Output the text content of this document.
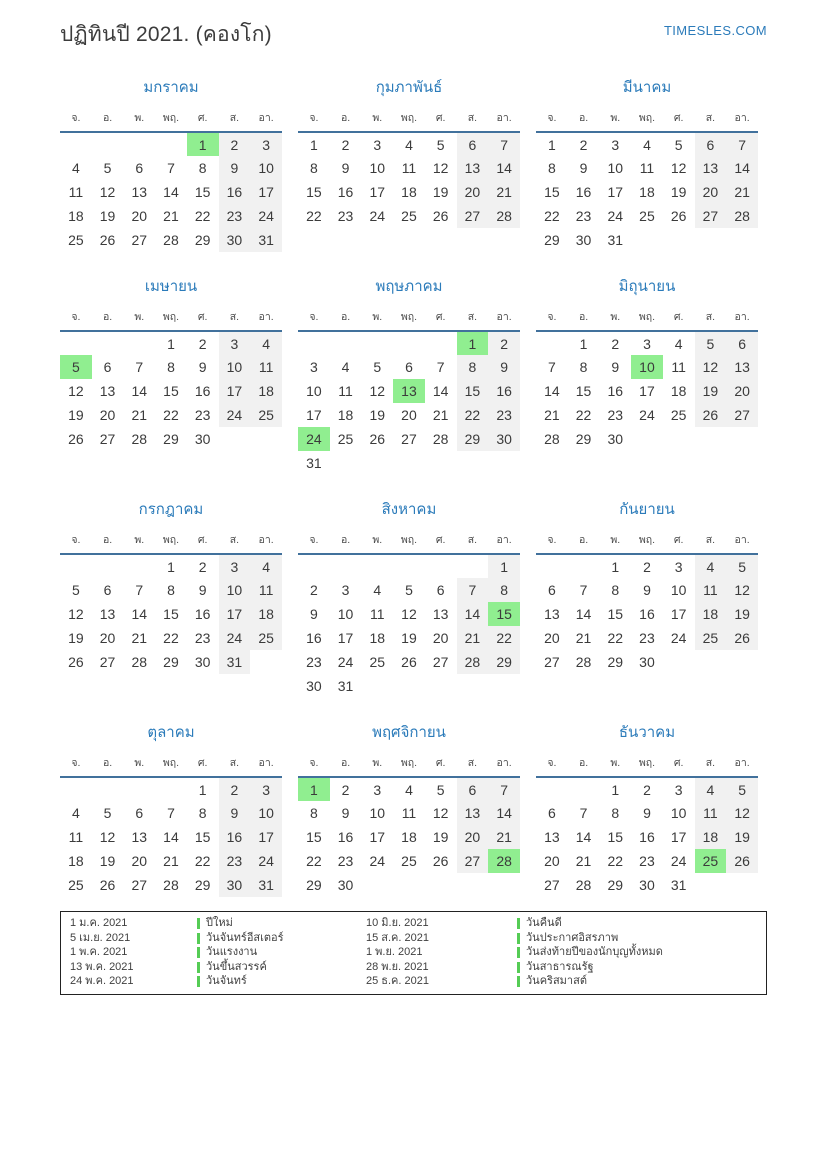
ปฏิทินปี 2021. (คองโก)	TIMESLES.COM
มกราคม
จ.	อ.	พ.	พฤ.	ศ.	ส.	อา.
				1	2	3
4	5	6	7	8	9	10
11	12	13	14	15	16	17
18	19	20	21	22	23	24
25	26	27	28	29	30	31
กุมภาพันธ์
จ.	อ.	พ.	พฤ.	ศ.	ส.	อา.
1	2	3	4	5	6	7
8	9	10	11	12	13	14
15	16	17	18	19	20	21
22	23	24	25	26	27	28
มีนาคม
จ.	อ.	พ.	พฤ.	ศ.	ส.	อา.
1	2	3	4	5	6	7
8	9	10	11	12	13	14
15	16	17	18	19	20	21
22	23	24	25	26	27	28
29	30	31				
เมษายน
จ.	อ.	พ.	พฤ.	ศ.	ส.	อา.
			1	2	3	4
5	6	7	8	9	10	11
12	13	14	15	16	17	18
19	20	21	22	23	24	25
26	27	28	29	30		
พฤษภาคม
จ.	อ.	พ.	พฤ.	ศ.	ส.	อา.
					1	2
3	4	5	6	7	8	9
10	11	12	13	14	15	16
17	18	19	20	21	22	23
24	25	26	27	28	29	30
31						
มิถุนายน
จ.	อ.	พ.	พฤ.	ศ.	ส.	อา.
	1	2	3	4	5	6
7	8	9	10	11	12	13
14	15	16	17	18	19	20
21	22	23	24	25	26	27
28	29	30				
กรกฎาคม
จ.	อ.	พ.	พฤ.	ศ.	ส.	อา.
			1	2	3	4
5	6	7	8	9	10	11
12	13	14	15	16	17	18
19	20	21	22	23	24	25
26	27	28	29	30	31	
สิงหาคม
จ.	อ.	พ.	พฤ.	ศ.	ส.	อา.
						1
2	3	4	5	6	7	8
9	10	11	12	13	14	15
16	17	18	19	20	21	22
23	24	25	26	27	28	29
30	31					
กันยายน
จ.	อ.	พ.	พฤ.	ศ.	ส.	อา.
		1	2	3	4	5
6	7	8	9	10	11	12
13	14	15	16	17	18	19
20	21	22	23	24	25	26
27	28	29	30			
ตุลาคม
จ.	อ.	พ.	พฤ.	ศ.	ส.	อา.
				1	2	3
4	5	6	7	8	9	10
11	12	13	14	15	16	17
18	19	20	21	22	23	24
25	26	27	28	29	30	31
พฤศจิกายน
จ.	อ.	พ.	พฤ.	ศ.	ส.	อา.
1	2	3	4	5	6	7
8	9	10	11	12	13	14
15	16	17	18	19	20	21
22	23	24	25	26	27	28
29	30					
ธันวาคม
จ.	อ.	พ.	พฤ.	ศ.	ส.	อา.
		1	2	3	4	5
6	7	8	9	10	11	12
13	14	15	16	17	18	19
20	21	22	23	24	25	26
27	28	29	30	31		
1 ม.ค. 2021	ปีใหม่	10 มิ.ย. 2021	วันคืนดี
5 เม.ย. 2021	วันจันทร์อีสเตอร์	15 ส.ค. 2021	วันประกาศอิสรภาพ
1 พ.ค. 2021	วันแรงงาน	1 พ.ย. 2021	วันส่งท้ายปีของนักบุญทั้งหมด
13 พ.ค. 2021	วันขึ้นสวรรค์	28 พ.ย. 2021	วันสาธารณรัฐ
24 พ.ค. 2021	วันจันทร์	25 ธ.ค. 2021	วันคริสมาสต์
